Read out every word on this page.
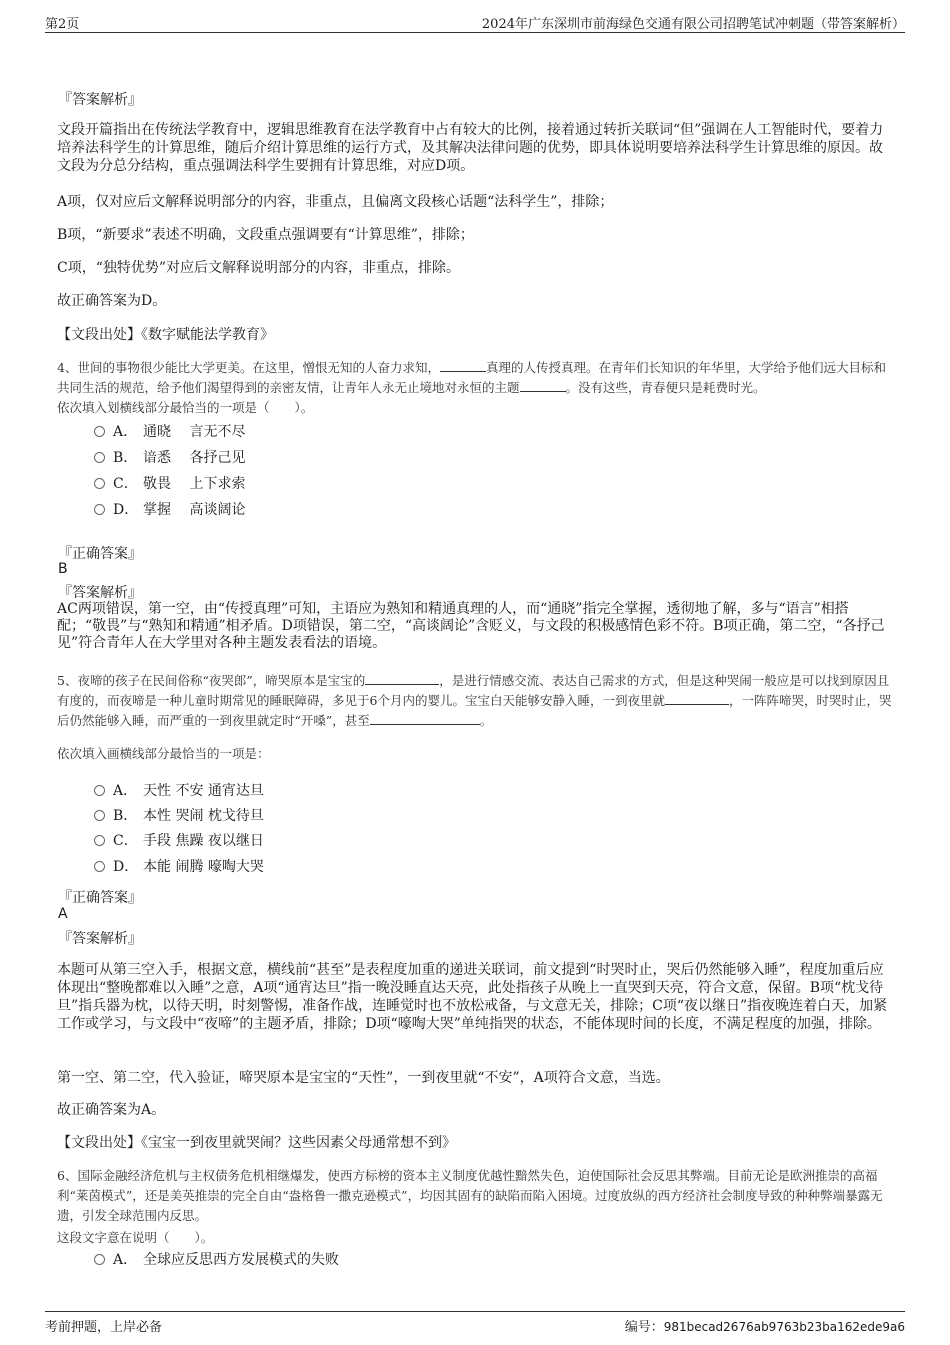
第2页	2024年广东深圳市前海绿色交通有限公司招聘笔试冲刺题（带答案解析）
『答案解析』

文段开篇指出在传统法学教育中，逻辑思维教育在法学教育中占有较大的比例，接着通过转折关联词“但”强调在人工智能时代，要着力培养法科学生的计算思维，随后介绍计算思维的运行方式，及其解决法律问题的优势，即具体说明要培养法科学生计算思维的原因。故文段为分总分结构，重点强调法科学生要拥有计算思维，对应D项。

A项，仅对应后文解释说明部分的内容，非重点，且偏离文段核心话题“法科学生”，排除；

B项，“新要求”表述不明确，文段重点强调要有“计算思维”，排除；

C项，“独特优势”对应后文解释说明部分的内容，非重点，排除。

故正确答案为D。

【文段出处】《数字赋能法学教育》

4、世间的事物很少能比大学更美。在这里，憎恨无知的人奋力求知，	真理的人传授真理。在青年们长知识的年华里，大学给予他们远大目标和共同生活的规范，给予他们渴望得到的亲密友情，让青年人永无止境地对永恒的主题	。没有这些，青春便只是耗费时光。

依次填入划横线部分最恰当的一项是（　　）。

A． 通晓　 言无不尽
B． 谙悉　 各抒己见
C． 敬畏　 上下求索
D． 掌握　 高谈阔论
『正确答案』
B
『答案解析』

AC两项错误，第一空，由“传授真理”可知，主语应为熟知和精通真理的人，而“通晓”指完全掌握，透彻地了解，多与“语言”相搭配；“敬畏”与“熟知和精通”相矛盾。D项错误，第二空，“高谈阔论”含贬义，与文段的积极感情色彩不符。B项正确，第二空，“各抒己见”符合青年人在大学里对各种主题发表看法的语境。

5、夜啼的孩子在民间俗称“夜哭郎”，啼哭原本是宝宝的	，是进行情感交流、表达自己需求的方式，但是这种哭闹一般应是可以找到原因且有度的，而夜啼是一种儿童时期常见的睡眠障碍，多见于6个月内的婴儿。宝宝白天能够安静入睡，一到夜里就	，一阵阵啼哭，时哭时止，哭后仍然能够入睡，而严重的一到夜里就定时“开嗓”，甚至	。

依次填入画横线部分最恰当的一项是：

A． 天性 不安 通宵达旦
B． 本性 哭闹 枕戈待旦
C． 手段 焦躁 夜以继日
D． 本能 闹腾 嚎啕大哭
『正确答案』
A
『答案解析』

本题可从第三空入手，根据文意，横线前“甚至”是表程度加重的递进关联词，前文提到“时哭时止，哭后仍然能够入睡”，程度加重后应体现出“整晚都难以入睡”之意，A项“通宵达旦”指一晚没睡直达天亮，此处指孩子从晚上一直哭到天亮，符合文意，保留。B项“枕戈待旦”指兵器为枕，以待天明，时刻警惕，准备作战，连睡觉时也不放松戒备，与文意无关，排除；C项“夜以继日”指夜晚连着白天，加紧工作或学习，与文段中“夜啼”的主题矛盾，排除；D项“嚎啕大哭”单纯指哭的状态，不能体现时间的长度，不满足程度的加强，排除。

第一空、第二空，代入验证，啼哭原本是宝宝的“天性”，一到夜里就“不安”，A项符合文意，当选。

故正确答案为A。

【文段出处】《宝宝一到夜里就哭闹？这些因素父母通常想不到》

6、国际金融经济危机与主权债务危机相继爆发，使西方标榜的资本主义制度优越性黯然失色，迫使国际社会反思其弊端。目前无论是欧洲推崇的高福利“莱茵模式”，还是美英推崇的完全自由“盎格鲁一撒克逊模式”，均因其固有的缺陷而陷入困境。过度放纵的西方经济社会制度导致的种种弊端暴露无遗，引发全球范围内反思。

这段文字意在说明（　　）。

A． 全球应反思西方发展模式的失败
考前押题，上岸必备	编号：981becad2676ab9763b23ba162ede9a6
